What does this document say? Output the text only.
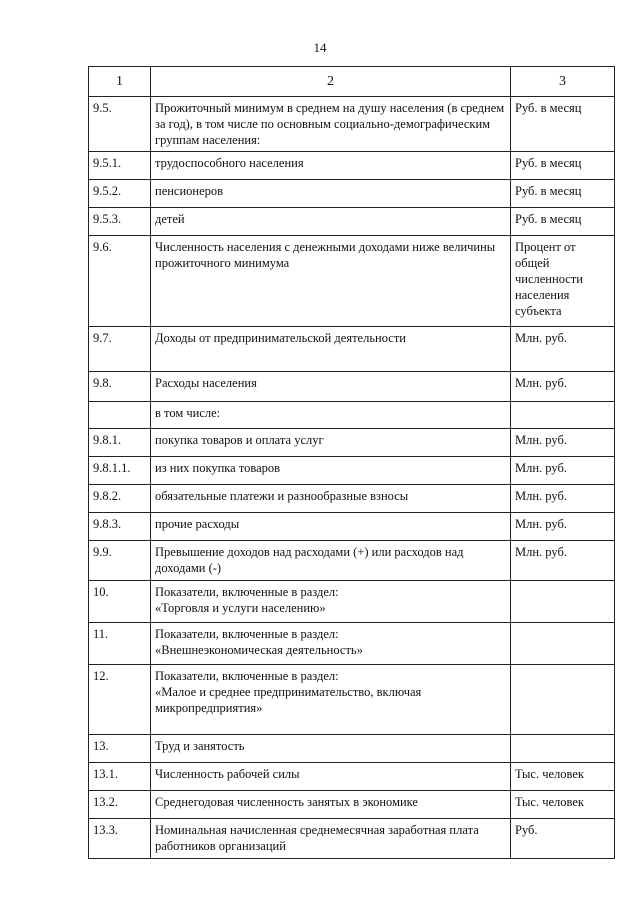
14
1	2	3
9.5.	Прожиточный минимум в среднем на душу населения (в среднем за год), в том числе по основным социально-демографическим группам населения:	Руб. в месяц
9.5.1.	трудоспособного населения	Руб. в месяц
9.5.2.	пенсионеров	Руб. в месяц
9.5.3.	детей	Руб. в месяц
9.6.	Численность населения с денежными доходами ниже величины прожиточного минимума	Процент от общей численности населения субъекта
9.7.	Доходы от предпринимательской деятельности	Млн. руб.
9.8.	Расходы населения	Млн. руб.
	в том числе:	
9.8.1.	покупка товаров и оплата услуг	Млн. руб.
9.8.1.1.	из них покупка товаров	Млн. руб.
9.8.2.	обязательные платежи и разнообразные взносы	Млн. руб.
9.8.3.	прочие расходы	Млн. руб.
9.9.	Превышение доходов над расходами (+) или расходов над доходами (-)	Млн. руб.
10.	Показатели, включенные в раздел:
«Торговля и услуги населению»	
11.	Показатели, включенные в раздел:
«Внешнеэкономическая деятельность»	
12.	Показатели, включенные в раздел:
«Малое и среднее предпринимательство, включая микропредприятия»	
13.	Труд и занятость	
13.1.	Численность рабочей силы	Тыс. человек
13.2.	Среднегодовая численность занятых в экономике	Тыс. человек
13.3.	Номинальная начисленная среднемесячная заработная плата работников организаций	Руб.
